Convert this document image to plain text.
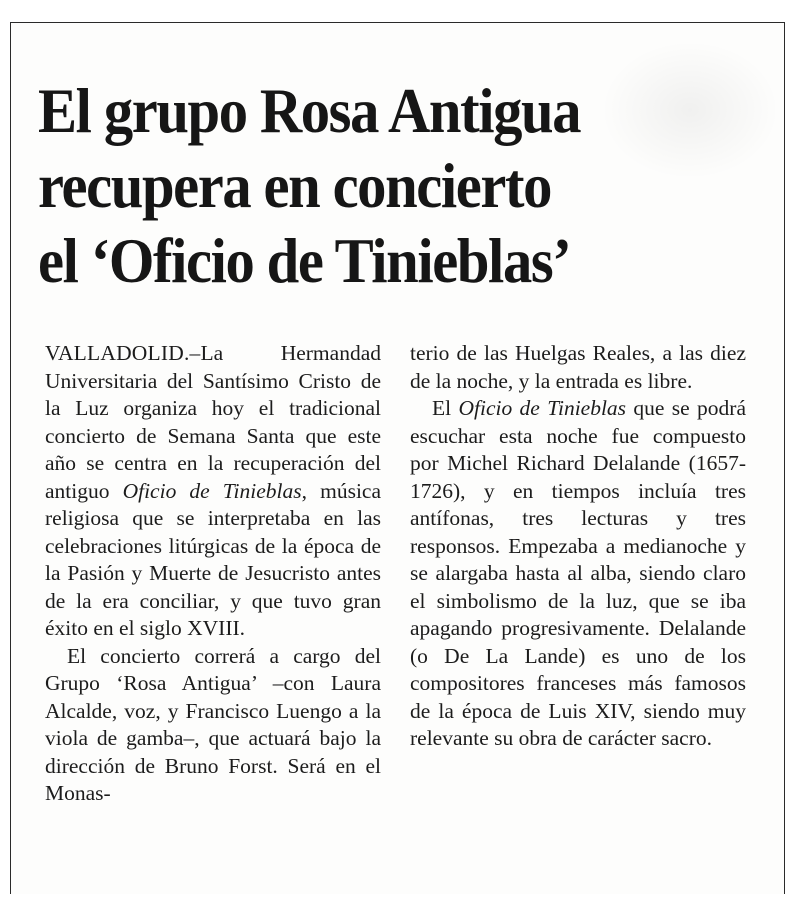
El grupo Rosa Antigua
recupera en concierto
el ‘Oficio de Tinieblas’

VALLADOLID.–La Hermandad Universitaria del Santísimo Cristo de la Luz organiza hoy el tradicional concierto de Semana Santa que este año se centra en la recuperación del antiguo Oficio de Tinieblas, música religiosa que se interpretaba en las celebraciones litúrgicas de la época de la Pasión y Muerte de Jesucristo antes de la era conciliar, y que tuvo gran éxito en el siglo XVIII.

El concierto correrá a cargo del Grupo ‘Rosa Antigua’ –con Laura Alcalde, voz, y Francisco Luengo a la viola de gamba–, que actuará bajo la dirección de Bruno Forst. Será en el Monas-

terio de las Huelgas Reales, a las diez de la noche, y la entrada es libre.

El Oficio de Tinieblas que se podrá escuchar esta noche fue compuesto por Michel Richard Delalande (1657-1726), y en tiempos incluía tres antífonas, tres lecturas y tres responsos. Empezaba a medianoche y se alargaba hasta al alba, siendo claro el simbolismo de la luz, que se iba apagando progresivamente. Delalande (o De La Lande) es uno de los compositores franceses más famosos de la época de Luis XIV, siendo muy relevante su obra de carácter sacro.
